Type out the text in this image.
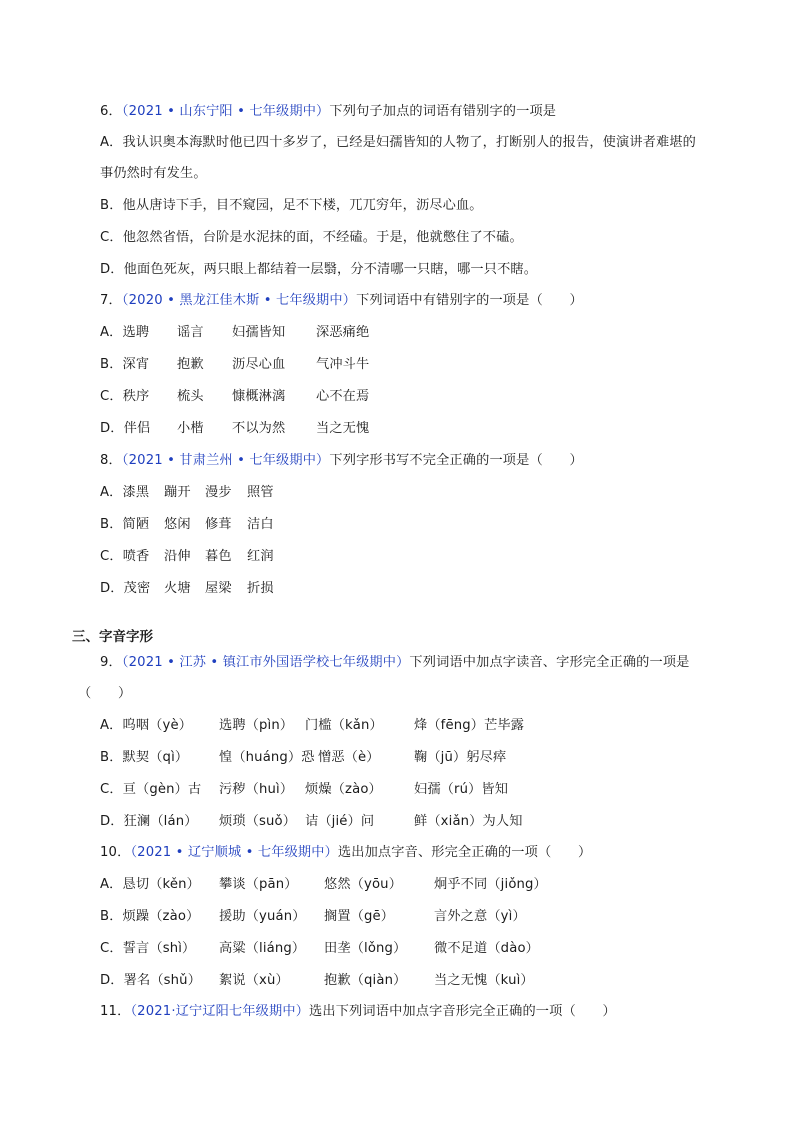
6．（2021 • 山东宁阳 • 七年级期中）下列句子加点的词语有错别字的一项是
A．我认识奥本海默时他已四十多岁了，已经是妇孺皆知的人物了，打断别人的报告，使演讲者难堪的
事仍然时有发生。
B．他从唐诗下手，目不窥园，足不下楼，兀兀穷年，沥尽心血。
C．他忽然省悟，台阶是水泥抹的面，不经磕。于是，他就憋住了不磕。
D．他面色死灰，两只眼上都结着一层翳，分不清哪一只瞎，哪一只不瞎。
7．（2020 • 黑龙江佳木斯 • 七年级期中）下列词语中有错别字的一项是（　　）
A．选聘 谣言 妇孺皆知 深恶痛绝
B．深宵 抱歉 沥尽心血 气冲斗牛
C．秩序 梳头 慷概淋漓 心不在焉
D．伴侣 小楷 不以为然 当之无愧
8．（2021 • 甘肃兰州 • 七年级期中）下列字形书写不完全正确的一项是（　　）
A．漆黑 蹦开 漫步 照管
B．简陋 悠闲 修葺 洁白
C．喷香 沿伸 暮色 红润
D．茂密 火塘 屋梁 折损
三、字音字形
9．（2021 • 江苏 • 镇江市外国语学校七年级期中）下列词语中加点字读音、字形完全正确的一项是
（　　）
A．呜咽（yè） 选聘（pìn） 门槛（kǎn） 烽（fēng）芒毕露
B．默契（qì） 惶（huáng）恐 憎恶（è）	鞠（jū）躬尽瘁
C．亘（gèn）古 污秽（huì） 烦燥（zào） 妇孺（rú）皆知
D．狂澜（lán） 烦琐（suǒ） 诘（jié）问	鲜（xiǎn）为人知
10．（2021 • 辽宁顺城 • 七年级期中）选出加点字音、形完全正确的一项（　　）
A．恳切（kěn） 攀谈（pān） 悠然（yōu） 炯乎不同（jiǒng）
B．烦躁（zào） 援助（yuán） 搁置（gē）	言外之意（yì）
C．誓言（shì） 高粱（liáng） 田垄（lǒng） 微不足道（dào）
D．署名（shǔ） 絮说（xù）	抱歉（qiàn） 当之无愧（kuì）
11．（2021·辽宁辽阳七年级期中）选出下列词语中加点字音形完全正确的一项（　　）
